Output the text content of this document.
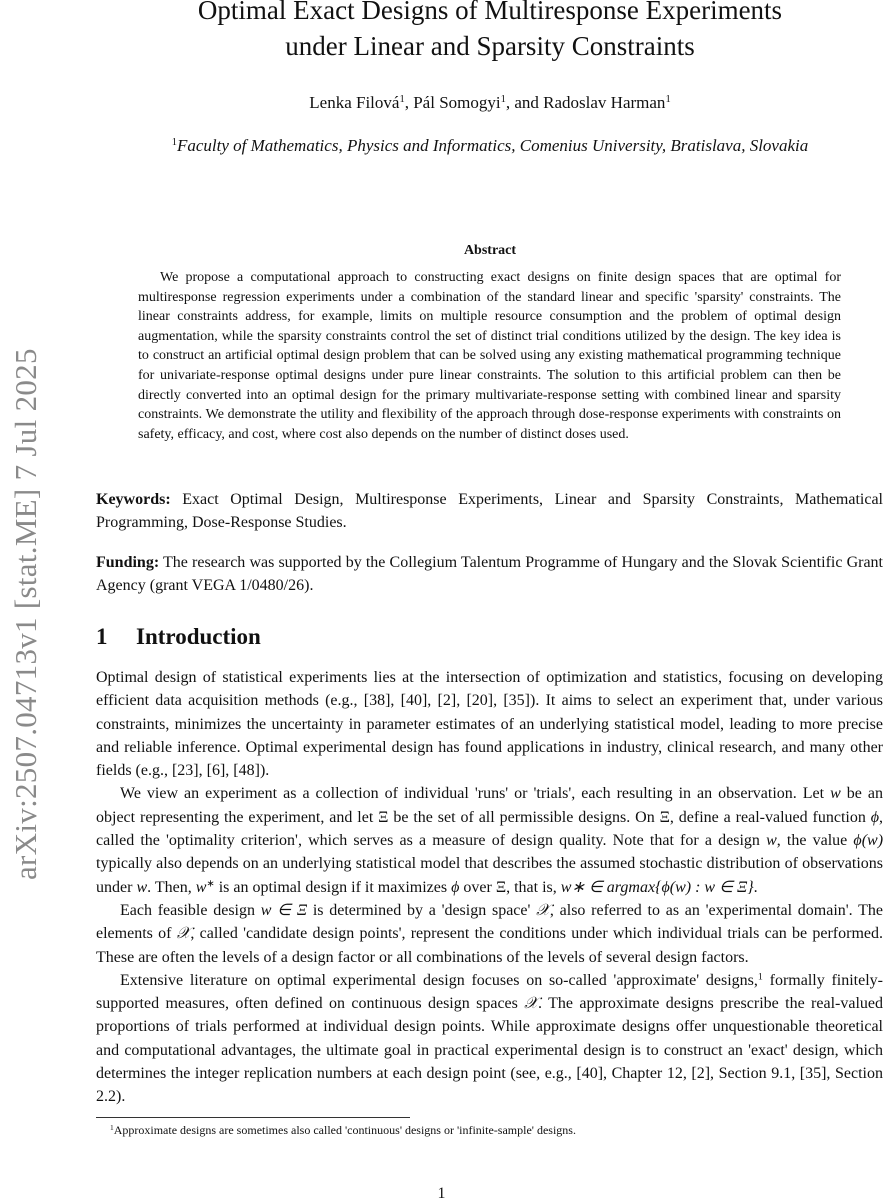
arXiv:2507.04713v1 [stat.ME] 7 Jul 2025
Optimal Exact Designs of Multiresponse Experiments
under Linear and Sparsity Constraints
Lenka Filová$^1$, Pál Somogyi$^1$, and Radoslav Harman$^1$
$^1$Faculty of Mathematics, Physics and Informatics, Comenius University, Bratislava, Slovakia
Abstract

We propose a computational approach to constructing exact designs on finite design spaces that are optimal for multiresponse regression experiments under a combination of the standard linear and specific 'sparsity' constraints. The linear constraints address, for example, limits on multiple resource consumption and the problem of optimal design augmentation, while the sparsity constraints control the set of distinct trial conditions utilized by the design. The key idea is to construct an artificial optimal design problem that can be solved using any existing mathematical programming technique for univariate-response optimal designs under pure linear constraints. The solution to this artificial problem can then be directly converted into an optimal design for the primary multivariate-response setting with combined linear and sparsity constraints. We demonstrate the utility and flexibility of the approach through dose-response experiments with constraints on safety, efficacy, and cost, where cost also depends on the number of distinct doses used.

Keywords: Exact Optimal Design, Multiresponse Experiments, Linear and Sparsity Constraints, Mathematical Programming, Dose-Response Studies.

Funding: The research was supported by the Collegium Talentum Programme of Hungary and the Slovak Scientific Grant Agency (grant VEGA 1/0480/26).

1 Introduction

Optimal design of statistical experiments lies at the intersection of optimization and statistics, focusing on developing efficient data acquisition methods (e.g., [38], [40], [2], [20], [35]). It aims to select an experiment that, under various constraints, minimizes the uncertainty in parameter estimates of an underlying statistical model, leading to more precise and reliable inference. Optimal experimental design has found applications in industry, clinical research, and many other fields (e.g., [23], [6], [48]).

We view an experiment as a collection of individual 'runs' or 'trials', each resulting in an observation. Let w be an object representing the experiment, and let Ξ be the set of all permissible designs. On Ξ, define a real-valued function ϕ, called the 'optimality criterion', which serves as a measure of design quality. Note that for a design w, the value ϕ(w) typically also depends on an underlying statistical model that describes the assumed stochastic distribution of observations under w. Then, w∗ is an optimal design if it maximizes ϕ over Ξ, that is, w∗ ∈ argmax{ϕ(w) : w ∈ Ξ}.

Each feasible design w ∈ Ξ is determined by a 'design space' 𝒳, also referred to as an 'experimental domain'. The elements of 𝒳, called 'candidate design points', represent the conditions under which individual trials can be performed. These are often the levels of a design factor or all combinations of the levels of several design factors.

Extensive literature on optimal experimental design focuses on so-called 'approximate' designs,$^1$ formally finitely-supported measures, often defined on continuous design spaces 𝒳. The approximate designs prescribe the real-valued proportions of trials performed at individual design points. While approximate designs offer unquestionable theoretical and computational advantages, the ultimate goal in practical experimental design is to construct an 'exact' design, which determines the integer replication numbers at each design point (see, e.g., [40], Chapter 12, [2], Section 9.1, [35], Section 2.2).

$^1$Approximate designs are sometimes also called 'continuous' designs or 'infinite-sample' designs.
1
